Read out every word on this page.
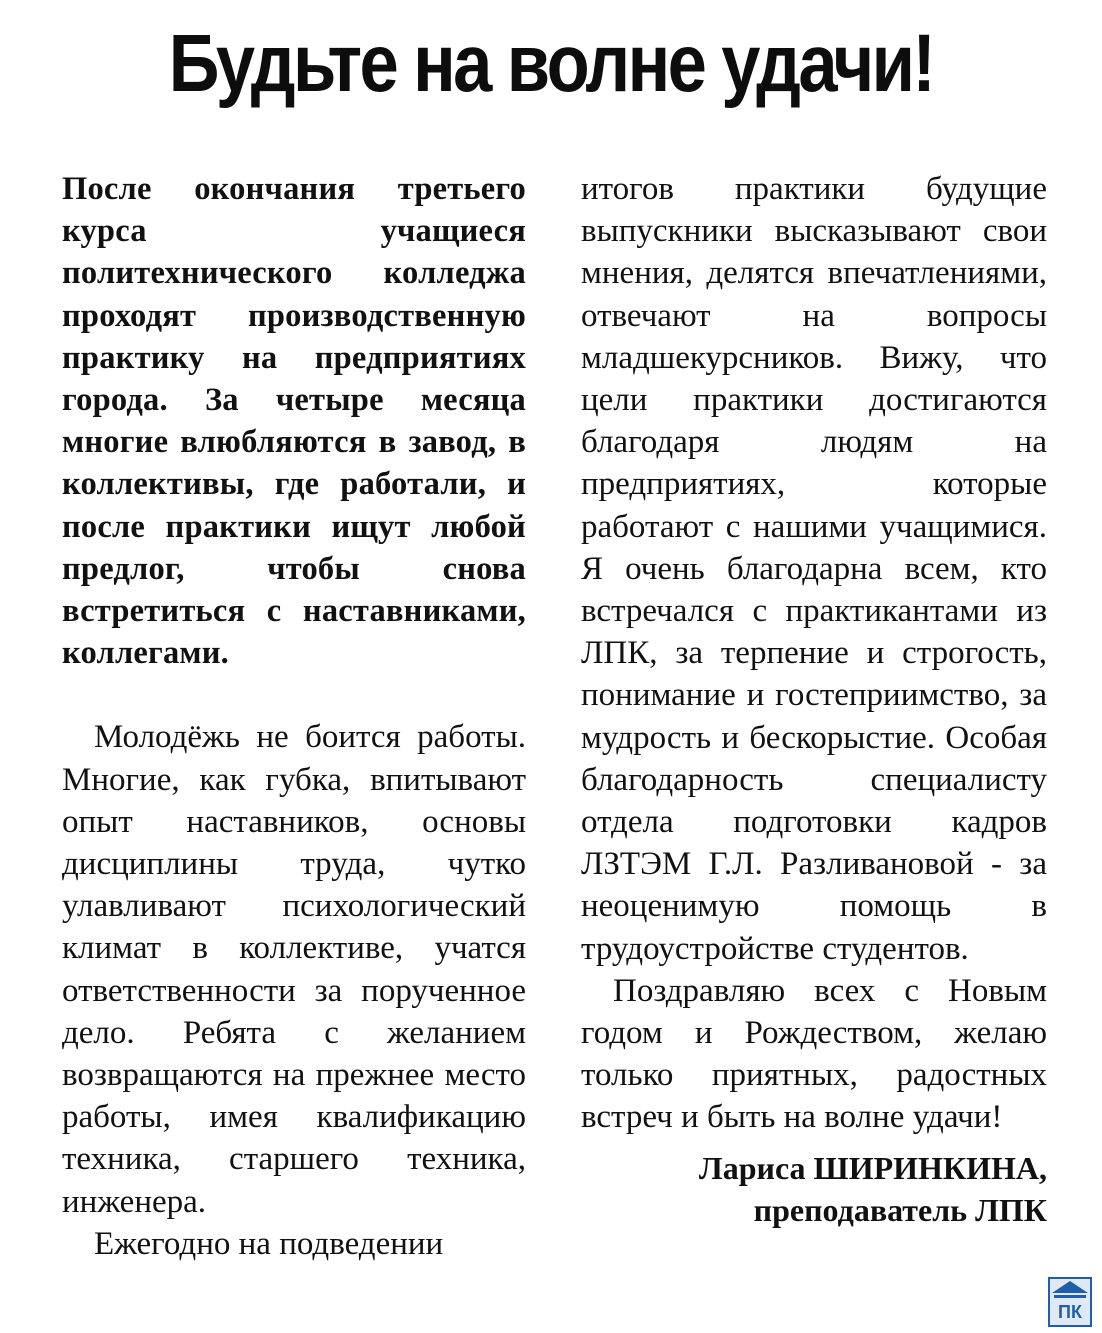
Будьте на волне удачи!

После окончания третьего курса учащиеся политехнического колледжа проходят производственную практику на предприятиях города. За четыре месяца многие влюбляются в завод, в коллективы, где работали, и после практики ищут любой предлог, чтобы снова встретиться с наставниками, коллегами.

Молодёжь не боится работы. Многие, как губка, впитывают опыт наставников, основы дисциплины труда, чутко улавливают психологический климат в коллективе, учатся ответственности за порученное дело. Ребята с желанием возвращаются на прежнее место работы, имея квалификацию техника, старшего техника, инженера.

Ежегодно на подведении

итогов практики будущие выпускники высказывают свои мнения, делятся впечатлениями, отвечают на вопросы младшекурсников. Вижу, что цели практики достигаются благодаря людям на предприятиях, которые работают с нашими учащимися. Я очень благодарна всем, кто встречался с практикантами из ЛПК, за терпение и строгость, понимание и гостеприимство, за мудрость и бескорыстие. Особая благодарность специалисту отдела подготовки кадров ЛЗТЭМ Г.Л. Разливановой - за неоценимую помощь в трудоустройстве студентов.

Поздравляю всех с Новым годом и Рождеством, желаю только приятных, радостных встреч и быть на волне удачи!

Лариса ШИРИНКИНА,
преподаватель ЛПК
ПК
